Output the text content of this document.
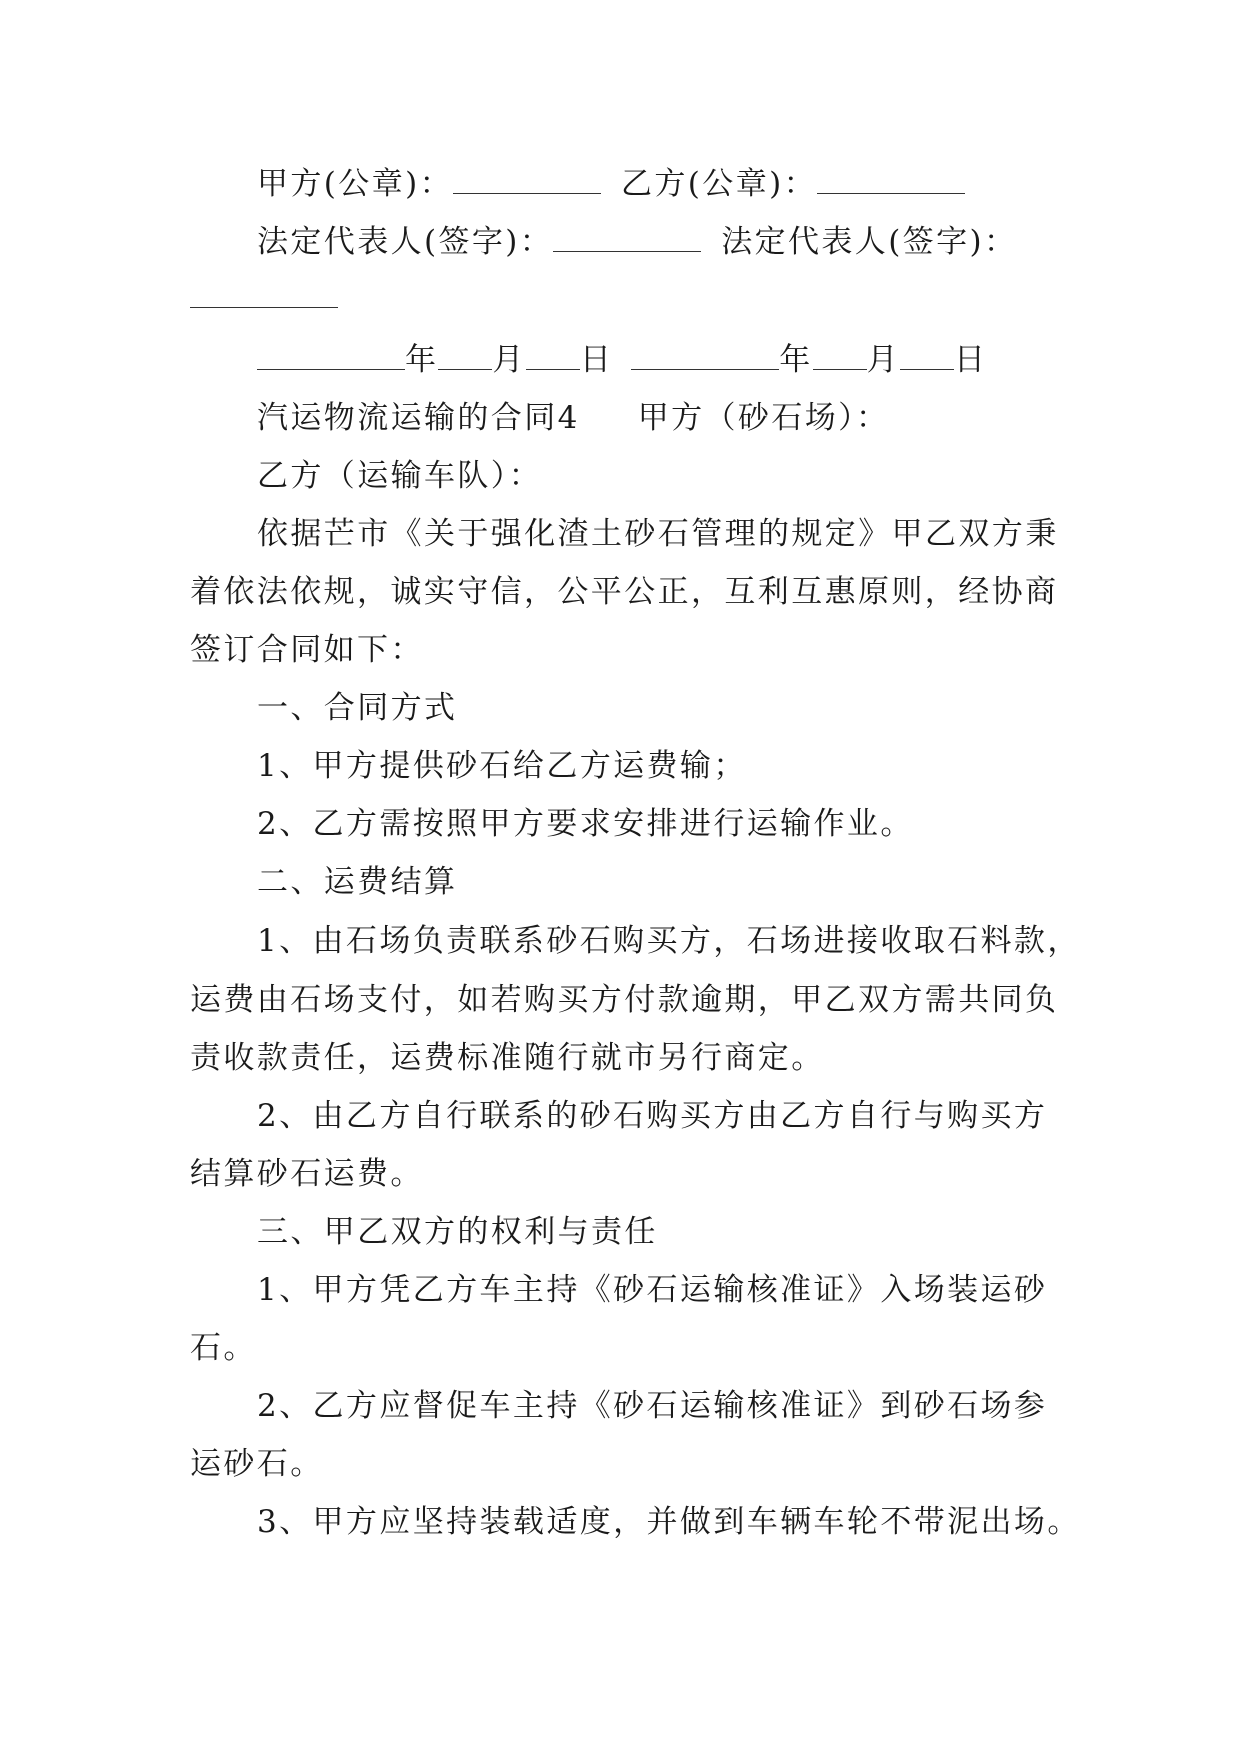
甲方(公章)：	乙方(公章)：
法定代表人(签字)：	法定代表人(签字)：
年 月 日	年 月 日
汽运物流运输的合同4 甲方（砂石场）：
乙方（运输车队）：
依据芒市《关于强化渣土砂石管理的规定》甲乙双方秉
着依法依规，诚实守信，公平公正，互利互惠原则，经协商
签订合同如下：
一、合同方式
1、甲方提供砂石给乙方运费输；
2、乙方需按照甲方要求安排进行运输作业。
二、运费结算
1、由石场负责联系砂石购买方，石场进接收取石料款，
运费由石场支付，如若购买方付款逾期，甲乙双方需共同负
责收款责任，运费标准随行就市另行商定。
2、由乙方自行联系的砂石购买方由乙方自行与购买方
结算砂石运费。
三、甲乙双方的权利与责任
1、甲方凭乙方车主持《砂石运输核准证》入场装运砂
石。
2、乙方应督促车主持《砂石运输核准证》到砂石场参
运砂石。
3、甲方应坚持装载适度，并做到车辆车轮不带泥出场。
